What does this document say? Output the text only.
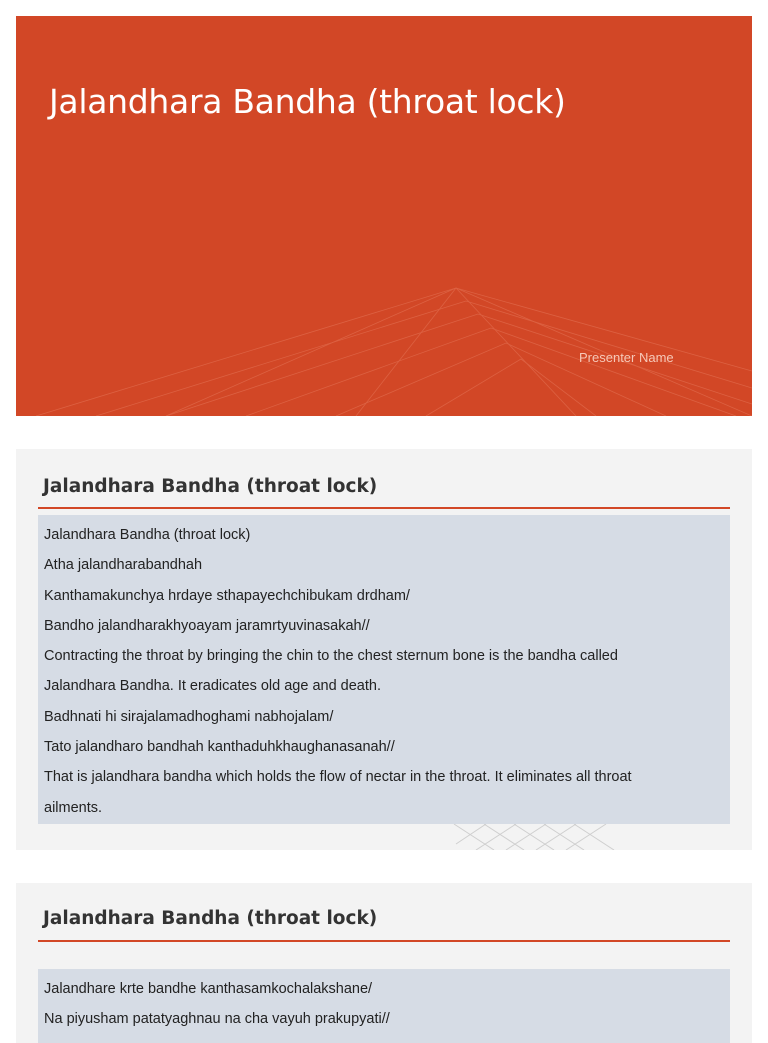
Jalandhara Bandha (throat lock)
Presenter Name
Jalandhara Bandha (throat lock)
Jalandhara Bandha (throat lock)
Atha jalandharabandhah
Kanthamakunchya hrdaye sthapayechchibukam drdham/
Bandho jalandharakhyoayam jaramrtyuvinasakah//
Contracting the throat by bringing the chin to the chest sternum bone is the bandha called
Jalandhara Bandha. It eradicates old age and death.
Badhnati hi sirajalamadhoghami nabhojalam/
Tato jalandharo bandhah kanthaduhkhaughanasanah//
That is jalandhara bandha which holds the flow of nectar in the throat. It eliminates all throat
ailments.
Jalandhara Bandha (throat lock)
Jalandhare krte bandhe kanthasamkochalakshane/
Na piyusham patatyaghnau na cha vayuh prakupyati//
